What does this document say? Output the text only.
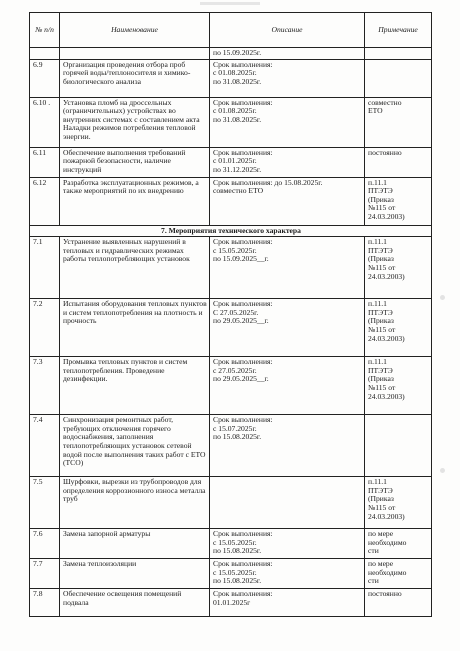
№ п/п	Наименование	Описание	Примечание
		по 15.09.2025г.	
6.9	Организация проведения отбора проб горячей воды/теплоносителя и химико-биологического анализа	Срок выполнения:
с 01.08.2025г.
по 31.08.2025г.	

6.10 .	Установка пломб на дроссельных (ограничительных) устройствах во внутренних системах с составлением акта Наладки режимов потребления тепловой энергии.	Срок выполнения:
с 01.08.2025г.
по 31.08.2025г.	совместно
ЕТО

6.11	Обеспечение выполнения требований пожарной безопасности, наличие инструкций	Срок выполнения:
с 01.01.2025г.
по 31.12.2025г.	постоянно

6.12	Разработка эксплуатационных режимов, а также мероприятий по их внедрению	Срок выполнения: до 15.08.2025г.
совместно ЕТО	п.11.1
ПТЭТЭ
(Приказ
№115 от
24.03.2003)

7. Мероприятия технического характера			
7.1	Устранение выявленных нарушений в тепловых и гидравлических режимах работы теплопотребляющих установок	Срок выполнения:
с 15.05.2025г.
по 15.09.2025__г.	п.11.1
ПТЭТЭ
(Приказ
№115 от
24.03.2003)

7.2	Испытания оборудования тепловых пунктов и систем теплопотребления на плотность и прочность	Срок выполнения:
С 27.05.2025г.
по 29.05.2025__г.	п.11.1
ПТЭТЭ
(Приказ
№115 от
24.03.2003)

7.3	Промывка тепловых пунктов и систем теплопотребления. Проведение дезинфекции.	Срок выполнения:
с 27.05.2025г.
по 29.05.2025__г.	п.11.1
ПТЭТЭ
(Приказ
№115 от
24.03.2003)

7.4	Синхронизация ремонтных работ, требующих отключения горячего водоснабжения, заполнения теплопотребляющих установок сетевой водой после выполнения таких работ с ЕТО (ТСО)	Срок выполнения:
с 15.07.2025г.
по 15.08.2025г.	

7.5	Шурфовки, вырезки из трубопроводов для определения коррозионного износа металла труб		п.11.1
ПТЭТЭ
(Приказ
№115 от
24.03.2003)

7.6	Замена запорной арматуры	Срок выполнения:
с 15.05.2025г.
по 15.08.2025г.	по мере
необходимо
сти

7.7	Замена теплоизоляции	Срок выполнения:
с 15.05.2025г.
по 15.08.2025г.	по мере
необходимо
сти

7.8	Обеспечение освещения помещений подвала	Срок выполнения:
01.01.2025г	постоянно
